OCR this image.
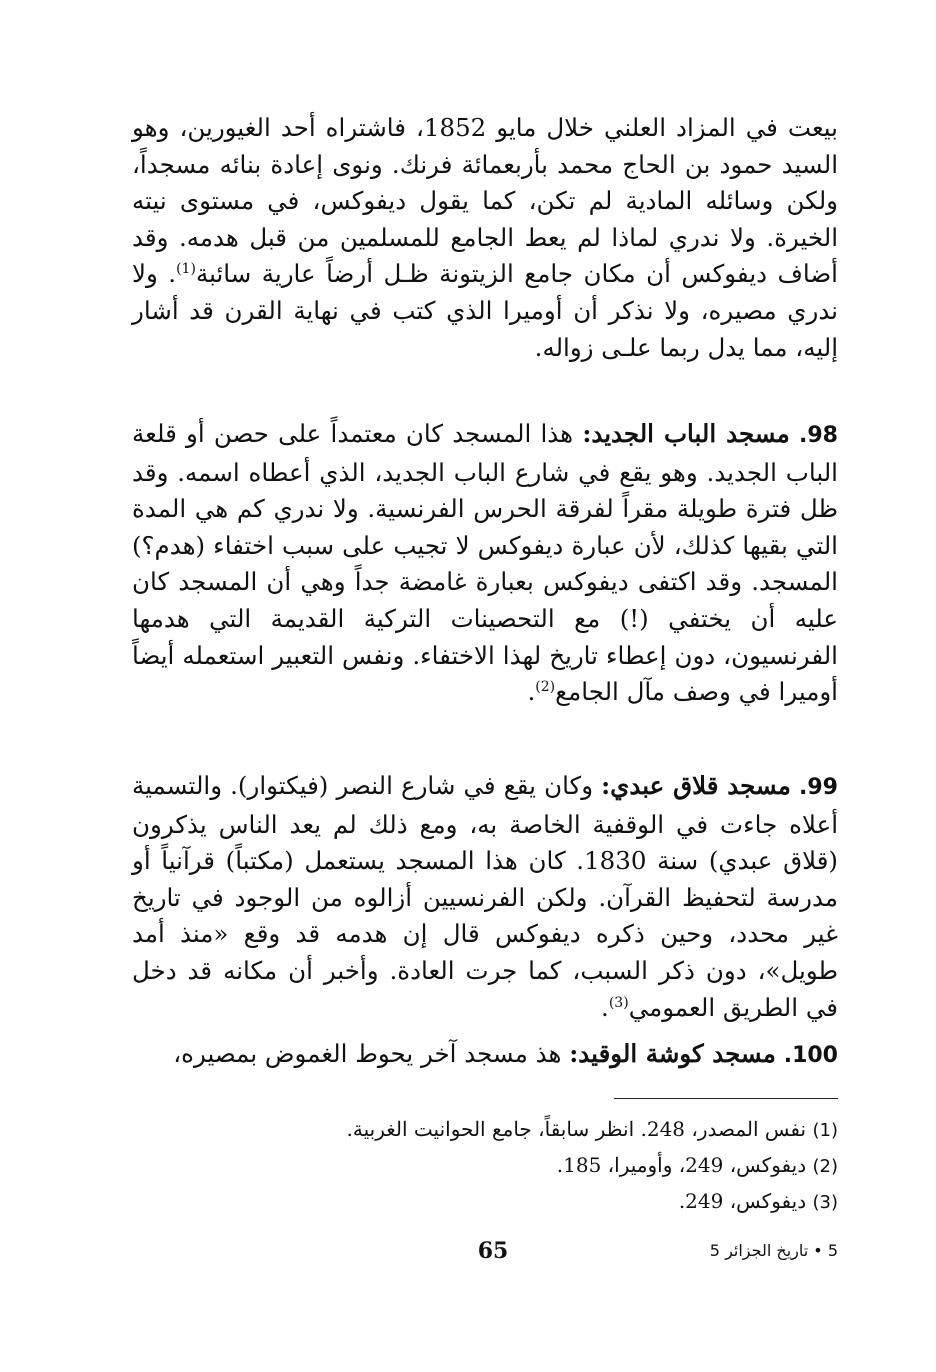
بيعت في المزاد العلني خلال مايو 1852، فاشتراه أحد الغيورين، وهو السيد حمود بن الحاج محمد بأربعمائة فرنك. ونوى إعادة بنائه مسجداً، ولكن وسائله المادية لم تكن، كما يقول ديفوكس، في مستوى نيته الخيرة. ولا ندري لماذا لم يعط الجامع للمسلمين من قبل هدمه. وقد أضاف ديفوكس أن مكان جامع الزيتونة ظـل أرضاً عارية سائبة$^{(1)}$. ولا ندري مصيره، ولا نذكر أن أوميرا الذي كتب في نهاية القرن قد أشار إليه، مما يدل ربما علـى زواله.

98. مسجد الباب الجديد: هذا المسجد كان معتمداً على حصن أو قلعة الباب الجديد. وهو يقع في شارع الباب الجديد، الذي أعطاه اسمه. وقد ظل فترة طويلة مقراً لفرقة الحرس الفرنسية. ولا ندري كم هي المدة التي بقيها كذلك، لأن عبارة ديفوكس لا تجيب على سبب اختفاء (هدم؟) المسجد. وقد اكتفى ديفوكس بعبارة غامضة جداً وهي أن المسجد كان عليه أن يختفي (!) مع التحصينات التركية القديمة التي هدمها الفرنسيون، دون إعطاء تاريخ لهذا الاختفاء. ونفس التعبير استعمله أيضاً أوميرا في وصف مآل الجامع$^{(2)}$.

99. مسجد قلاق عبدي: وكان يقع في شارع النصر (فيكتوار). والتسمية أعلاه جاءت في الوقفية الخاصة به، ومع ذلك لم يعد الناس يذكرون (قلاق عبدي) سنة 1830. كان هذا المسجد يستعمل (مكتباً) قرآنياً أو مدرسة لتحفيظ القرآن. ولكن الفرنسيين أزالوه من الوجود في تاريخ غير محدد، وحين ذكره ديفوكس قال إن هدمه قد وقع «منذ أمد طويل»، دون ذكر السبب، كما جرت العادة. وأخبر أن مكانه قد دخل في الطريق العمومي$^{(3)}$.

100. مسجد كوشة الوقيد: هذ مسجد آخر يحوط الغموض بمصيره،

(1) نفس المصدر، 248. انظر سابقاً، جامع الحوانيت الغربية.
(2) ديفوكس، 249، وأوميرا، 185.
(3) ديفوكس، 249.
65	5 • تاريخ الجزائر 5
